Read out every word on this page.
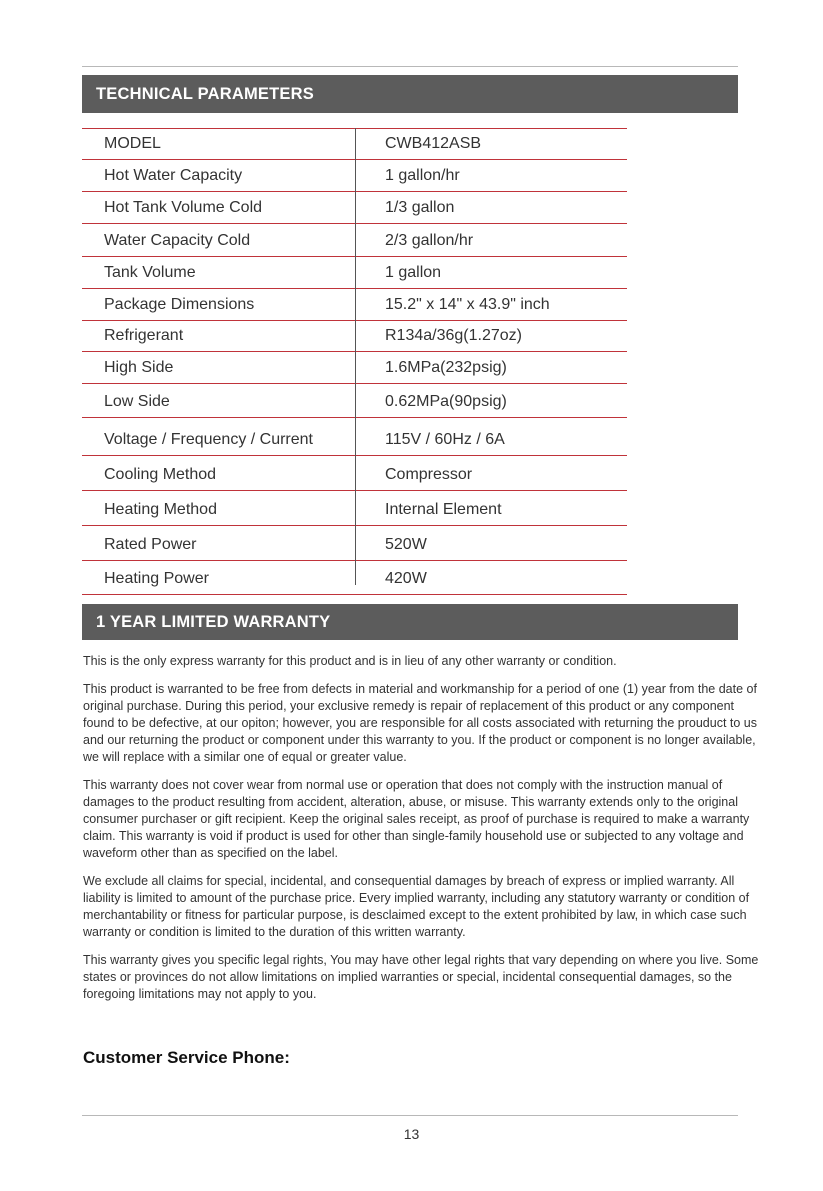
TECHNICAL PARAMETERS
MODEL	CWB412ASB
Hot Water Capacity	1 gallon/hr
Hot Tank Volume Cold	1/3 gallon
Water Capacity Cold	2/3 gallon/hr
Tank Volume	1 gallon
Package Dimensions	15.2" x 14" x 43.9" inch
Refrigerant	R134a/36g(1.27oz)
High Side	1.6MPa(232psig)
Low Side	0.62MPa(90psig)
Voltage / Frequency / Current	115V / 60Hz / 6A
Cooling Method	Compressor
Heating Method	Internal Element
Rated Power	520W
Heating Power	420W
1 YEAR LIMITED WARRANTY

This is the only express warranty for this product and is in lieu of any other warranty or condition.

This product is warranted to be free from defects in material and workmanship for a period of one (1) year from the date of original purchase. During this period, your exclusive remedy is repair of replacement of this product or any component found to be defective, at our opiton; however, you are responsible for all costs associated with returning the prouduct to us and our returning the product or component under this warranty to you. If the product or component is no longer available, we will replace with a similar one of equal or greater value.

This warranty does not cover wear from normal use or operation that does not comply with the instruction manual of damages to the product resulting from accident, alteration, abuse, or misuse. This warranty extends only to the original consumer purchaser or gift recipient. Keep the original sales receipt, as proof of purchase is required to make a warranty claim. This warranty is void if product is used for other than single-family household use or subjected to any voltage and waveform other than as specified on the label.

We exclude all claims for special, incidental, and consequential damages by breach of express or implied warranty. All liability is limited to amount of the purchase price. Every implied warranty, including any statutory warranty or condition of merchantability or fitness for particular purpose, is desclaimed except to the extent prohibited by law, in which case such warranty or condition is limited to the duration of this written warranty.

This warranty gives you specific legal rights, You may have other legal rights that vary depending on where you live. Some states or provinces do not allow limitations on implied warranties or special, incidental consequential damages, so the foregoing limitations may not apply to you.

Customer Service Phone:
13
